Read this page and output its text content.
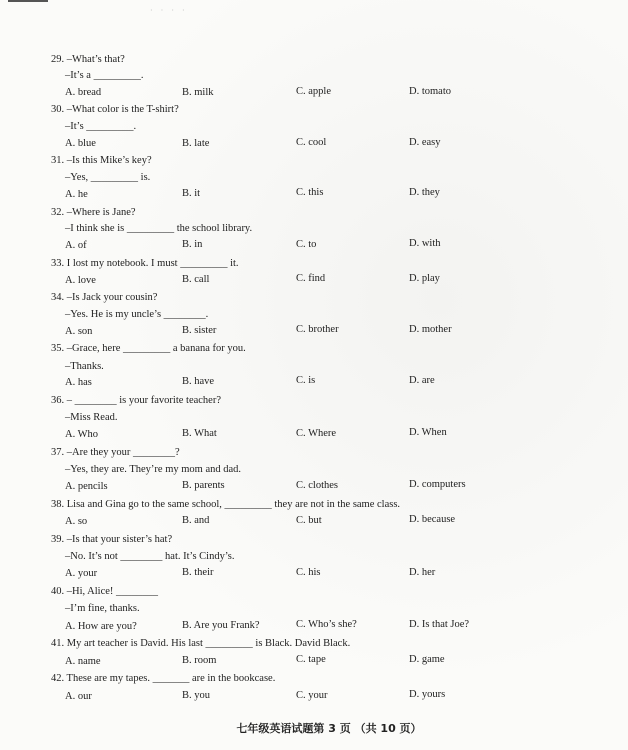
· · · ·
29. –What’s that?
–It’s a _________.
A. bread	B. milk	C. apple	D. tomato
30. –What color is the T-shirt?
–It’s _________.
A. blue	B. late	C. cool	D. easy
31. –Is this Mike’s key?
–Yes, _________ is.
A. he	B. it	C. this	D. they
32. –Where is Jane?
–I think she is _________ the school library.
A. of	B. in	C. to	D. with
33. I lost my notebook. I must _________ it.
A. love	B. call	C. find	D. play
34. –Is Jack your cousin?
–Yes. He is my uncle’s ________.
A. son	B. sister	C. brother	D. mother
35. –Grace, here _________ a banana for you.
–Thanks.
A. has	B. have	C. is	D. are
36. – ________ is your favorite teacher?
–Miss Read.
A. Who	B. What	C. Where	D. When
37. –Are they your ________?
–Yes, they are. They’re my mom and dad.
A. pencils	B. parents	C. clothes	D. computers
38. Lisa and Gina go to the same school, _________ they are not in the same class.
A. so	B. and	C. but	D. because
39. –Is that your sister’s hat?
–No. It’s not ________ hat. It’s Cindy’s.
A. your	B. their	C. his	D. her
40. –Hi, Alice! ________
–I’m fine, thanks.
A. How are you?	B. Are you Frank?	C. Who’s she?	D. Is that Joe?
41. My art teacher is David. His last _________ is Black. David Black.
A. name	B. room	C. tape	D. game
42. These are my tapes. _______ are in the bookcase.
A. our	B. you	C. your	D. yours
七年级英语试题第 3 页 （共 10 页）
